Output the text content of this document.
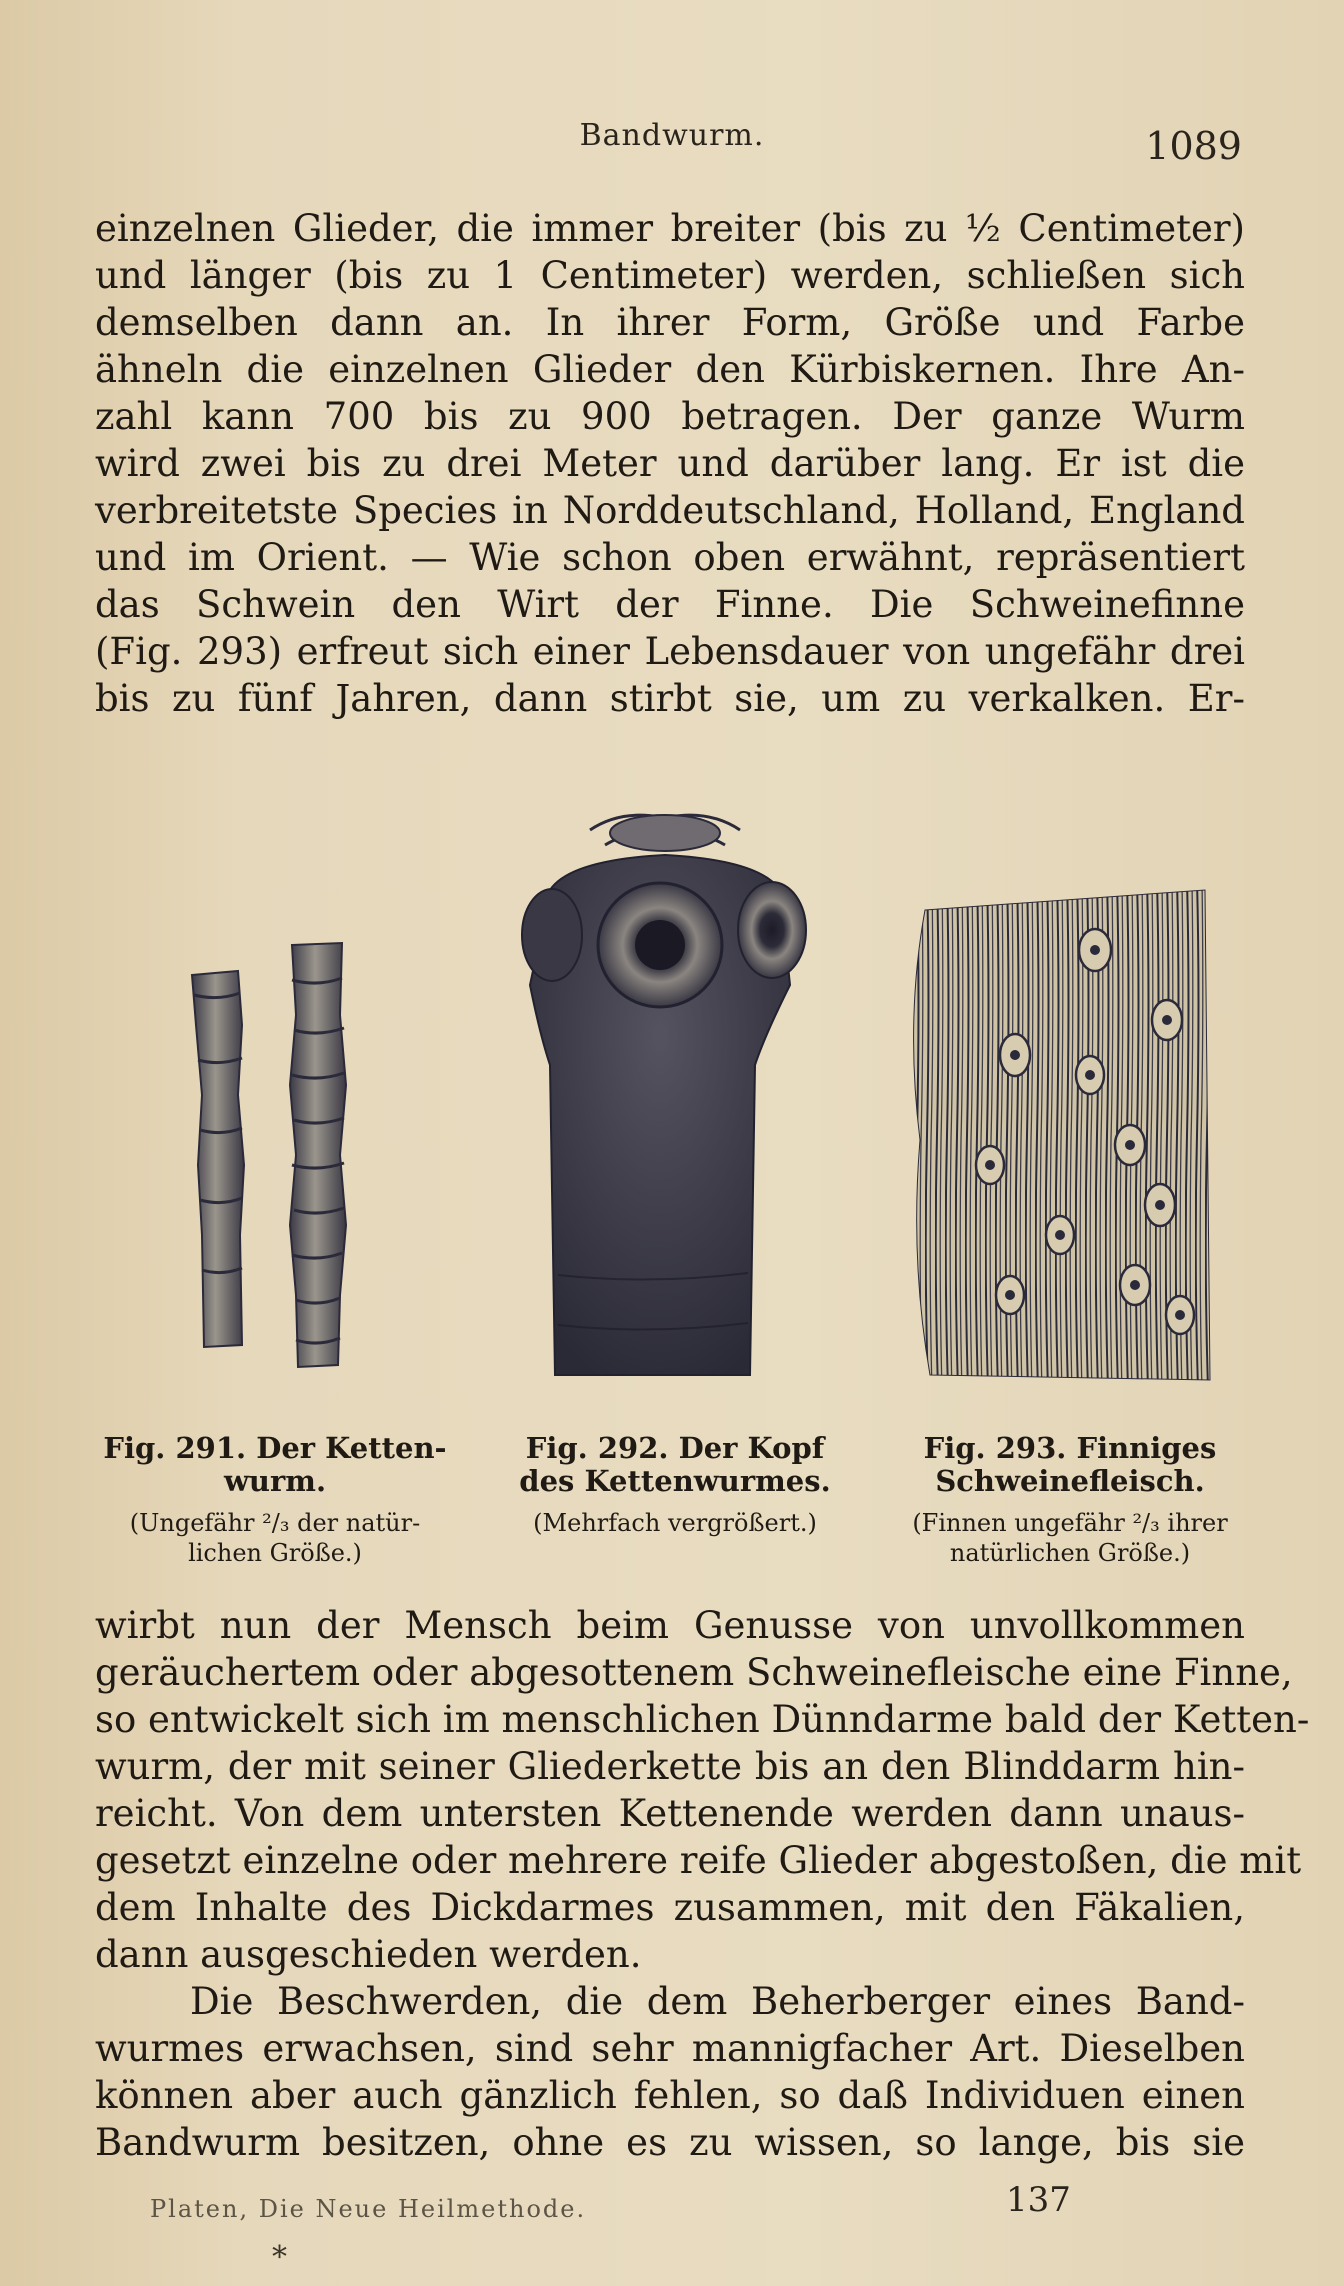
Bandwurm.	1089
einzelnen Glieder, die immer breiter (bis zu ½ Centimeter)
und länger (bis zu 1 Centimeter) werden, schließen sich
demselben dann an. In ihrer Form, Größe und Farbe
ähneln die einzelnen Glieder den Kürbiskernen. Ihre An-
zahl kann 700 bis zu 900 betragen. Der ganze Wurm
wird zwei bis zu drei Meter und darüber lang. Er ist die
verbreitetste Species in Norddeutschland, Holland, England
und im Orient. — Wie schon oben erwähnt, repräsentiert
das Schwein den Wirt der Finne. Die Schweinefinne
(Fig. 293) erfreut sich einer Lebensdauer von ungefähr drei
bis zu fünf Jahren, dann stirbt sie, um zu verkalken. Er-
Fig. 291. Der Ketten-
wurm.
(Ungefähr ²/₃ der natür-
lichen Größe.)
Fig. 292. Der Kopf
des Kettenwurmes.
(Mehrfach vergrößert.)
Fig. 293. Finniges
Schweinefleisch.
(Finnen ungefähr ²/₃ ihrer
natürlichen Größe.)
wirbt nun der Mensch beim Genusse von unvollkommen
geräuchertem oder abgesottenem Schweinefleische eine Finne,
so entwickelt sich im menschlichen Dünndarme bald der Ketten-
wurm, der mit seiner Gliederkette bis an den Blinddarm hin-
reicht. Von dem untersten Kettenende werden dann unaus-
gesetzt einzelne oder mehrere reife Glieder abgestoßen, die mit
dem Inhalte des Dickdarmes zusammen, mit den Fäkalien,
dann ausgeschieden werden.
Die Beschwerden, die dem Beherberger eines Band-
wurmes erwachsen, sind sehr mannigfacher Art. Dieselben
können aber auch gänzlich fehlen, so daß Individuen einen
Bandwurm besitzen, ohne es zu wissen, so lange, bis sie
Platen, Die Neue Heilmethode.	137
*
